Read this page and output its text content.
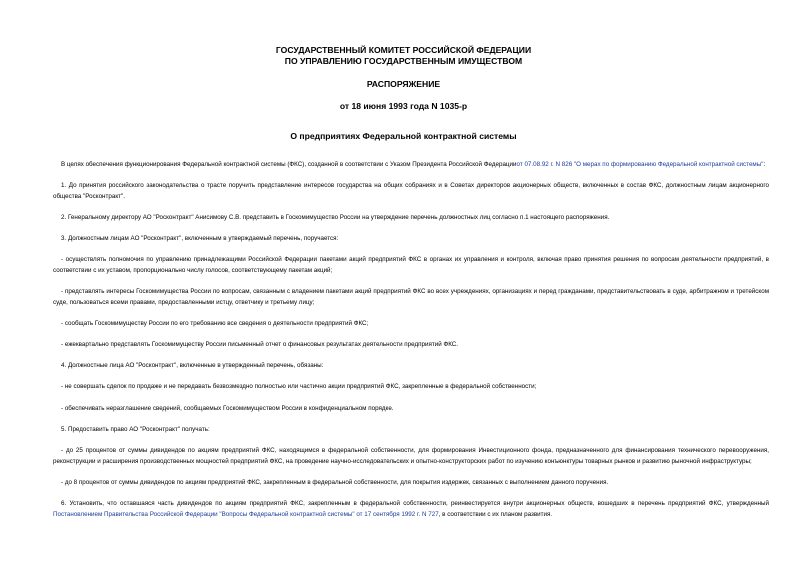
ГОСУДАРСТВЕННЫЙ КОМИТЕТ РОССИЙСКОЙ ФЕДЕРАЦИИ
ПО УПРАВЛЕНИЮ ГОСУДАРСТВЕННЫМ ИМУЩЕСТВОМ
РАСПОРЯЖЕНИЕ
от 18 июня 1993 года N 1035-р
О предприятиях Федеральной контрактной системы

В целях обеспечения функционирования Федеральной контрактной системы (ФКС), созданной в соответствии с Указом Президента Российской Федерацииот 07.08.92 г. N 826 "О мерах по формированию Федеральной контрактной системы":

1. До принятия российского законодательства о трасте поручить представление интересов государства на общих собраниях и в Советах директоров акционерных обществ, включенных в состав ФКС, должностным лицам акционерного общества "Росконтракт".

2. Генеральному директору АО "Росконтракт" Анисимову С.В. представить в Госкомимущество России на утверждение перечень должностных лиц согласно п.1 настоящего распоряжения.

3. Должностным лицам АО "Росконтракт", включенным в утверждаемый перечень, поручается:

- осуществлять полномочия по управлению принадлежащими Российской Федерации пакетами акций предприятий ФКС в органах их управления и контроля, включая право принятия решения по вопросам деятельности предприятий, в соответствии с их уставом, пропорционально числу голосов, соответствующему пакетам акций;

- представлять интересы Госкомимущества России по вопросам, связанным с владением пакетами акций предприятий ФКС во всех учреждениях, организациях и перед гражданами, представительствовать в суде, арбитражном и третейском суде, пользоваться всеми правами, предоставленными истцу, ответчику и третьему лицу;

- сообщать Госкомимуществу России по его требованию все сведения о деятельности предприятий ФКС;

- ежеквартально представлять Госкомимуществу России письменный отчет о финансовых результатах деятельности предприятий ФКС.

4. Должностные лица АО "Росконтракт", включенные в утвержденный перечень, обязаны:

- не совершать сделок по продаже и не передавать безвозмездно полностью или частично акции предприятий ФКС, закрепленные в федеральной собственности;

- обеспечивать неразглашение сведений, сообщаемых Госкомимуществом России в конфиденциальном порядке.

5. Предоставить право АО "Росконтракт" получать:

- до 25 процентов от суммы дивидендов по акциям предприятий ФКС, находящимся в федеральной собственности, для формирования Инвестиционного фонда, предназначенного для финансирования технического перевооружения, реконструкции и расширения производственных мощностей предприятий ФКС, на проведение научно-исследовательских и опытно-конструкторских работ по изучению конъюнктуры товарных рынков и развитию рыночной инфраструктуры;

- до 8 процентов от суммы дивидендов по акциям предприятий ФКС, закрепленным в федеральной собственности, для покрытия издержек, связанных с выполнением данного поручения.

6. Установить, что оставшаяся часть дивидендов по акциям предприятий ФКС, закрепленным в федеральной собственности, реинвестируется внутри акционерных обществ, вошедших в перечень предприятий ФКС, утвержденный Постановлением Правительства Российской Федерации "Вопросы Федеральной контрактной системы" от 17 сентября 1992 г. N 727, в соответствии с их планом развития.
